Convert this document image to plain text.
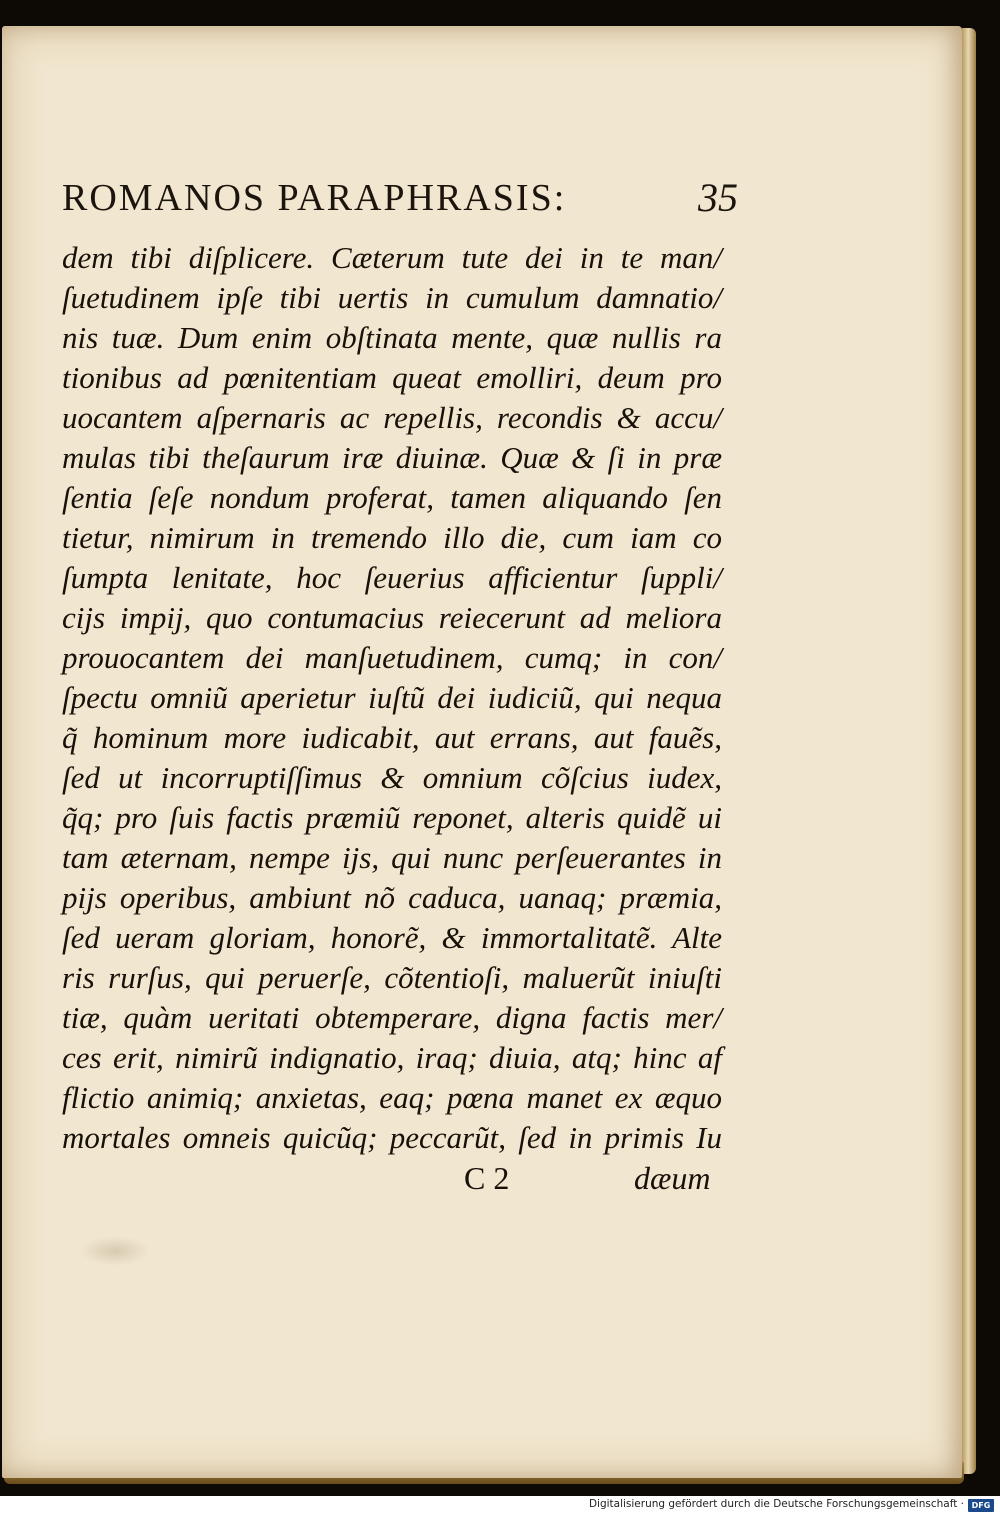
ROMANOS PARAPHRASIS:	35
dem tibi diſplicere. Cæterum tute dei in te man/
ſuetudinem ipſe tibi uertis in cumulum damnatio/
nis tuæ. Dum enim obſtinata mente, quæ nullis ra
tionibus ad pœnitentiam queat emolliri, deum pro
uocantem aſpernaris ac repellis, recondis & accu/
mulas tibi theſaurum iræ diuinæ. Quæ & ſi in præ
ſentia ſeſe nondum proferat, tamen aliquando ſen
tietur, nimirum in tremendo illo die, cum iam co
ſumpta lenitate, hoc ſeuerius afficientur ſuppli/
cijs impij, quo contumacius reiecerunt ad meliora
prouocantem dei manſuetudinem, cumq; in con/
ſpectu omniũ aperietur iuſtũ dei iudiciũ, qui nequa
q̃ hominum more iudicabit, aut errans, aut fauẽs,
ſed ut incorruptiſſimus & omnium cõſcius iudex,
q̃q; pro ſuis factis præmiũ reponet, alteris quidẽ ui
tam æternam, nempe ijs, qui nunc perſeuerantes in
pijs operibus, ambiunt nõ caduca, uanaq; præmia,
ſed ueram gloriam, honorẽ, & immortalitatẽ. Alte
ris rurſus, qui peruerſe, cõtentioſi, maluerũt iniuſti
tiæ, quàm ueritati obtemperare, digna factis mer/
ces erit, nimirũ indignatio, iraq; diuia, atq; hinc af
flictio animiq; anxietas, eaq; pœna manet ex æquo
mortales omneis quicũq; peccarũt, ſed in primis Iu
C 2	dæum
Digitalisierung gefördert durch die Deutsche Forschungsgemeinschaft · DFG
